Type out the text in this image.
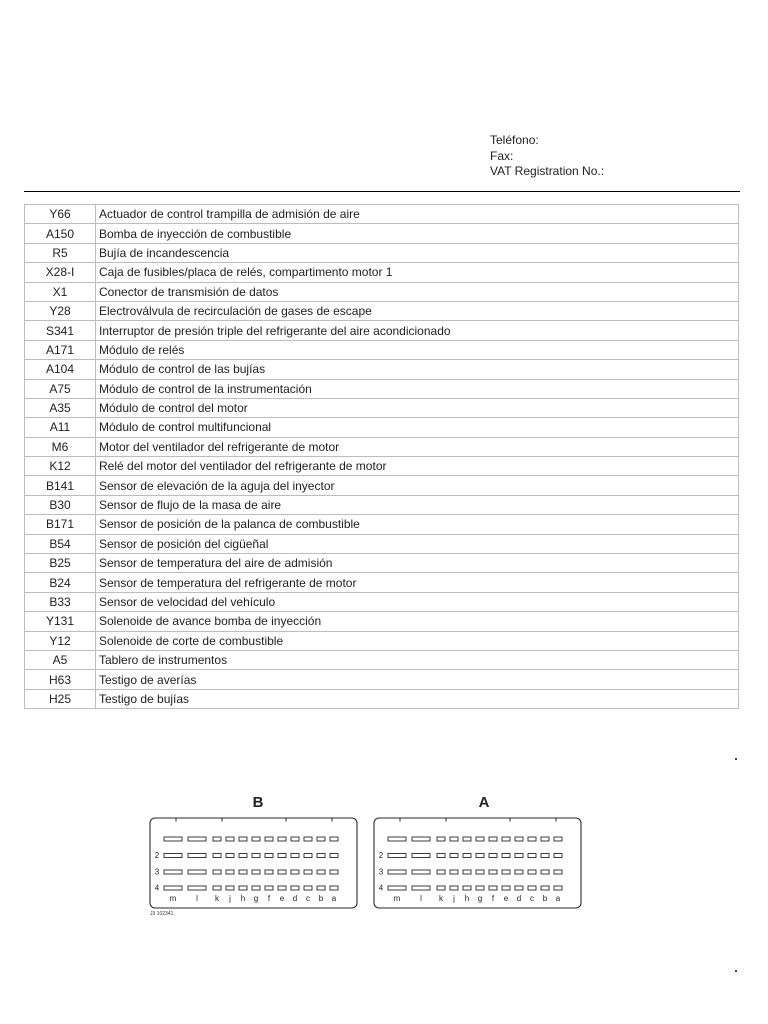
Teléfono:
Fax:
VAT Registration No.:
Y66	Actuador de control trampilla de admisión de aire
A150	Bomba de inyección de combustible
R5	Bujía de incandescencia
X28-I	Caja de fusibles/placa de relés, compartimento motor 1
X1	Conector de transmisión de datos
Y28	Electroválvula de recirculación de gases de escape
S341	Interruptor de presión triple del refrigerante del aire acondicionado
A171	Módulo de relés
A104	Módulo de control de las bujías
A75	Módulo de control de la instrumentación
A35	Módulo de control del motor
A11	Módulo de control multifuncional
M6	Motor del ventilador del refrigerante de motor
K12	Relé del motor del ventilador del refrigerante de motor
B141	Sensor de elevación de la aguja del inyector
B30	Sensor de flujo de la masa de aire
B171	Sensor de posición de la palanca de combustible
B54	Sensor de posición del cigüeñal
B25	Sensor de temperatura del aire de admisión
B24	Sensor de temperatura del refrigerante de motor
B33	Sensor de velocidad del vehículo
Y131	Solenoide de avance bomba de inyección
Y12	Solenoide de corte de combustible
A5	Tablero de instrumentos
H63	Testigo de averías
H25	Testigo de bujías
B	A
2
3
4
m l k j h g f e d c b a
2
3
4
m l k j h g f e d c b a
J3 102341
